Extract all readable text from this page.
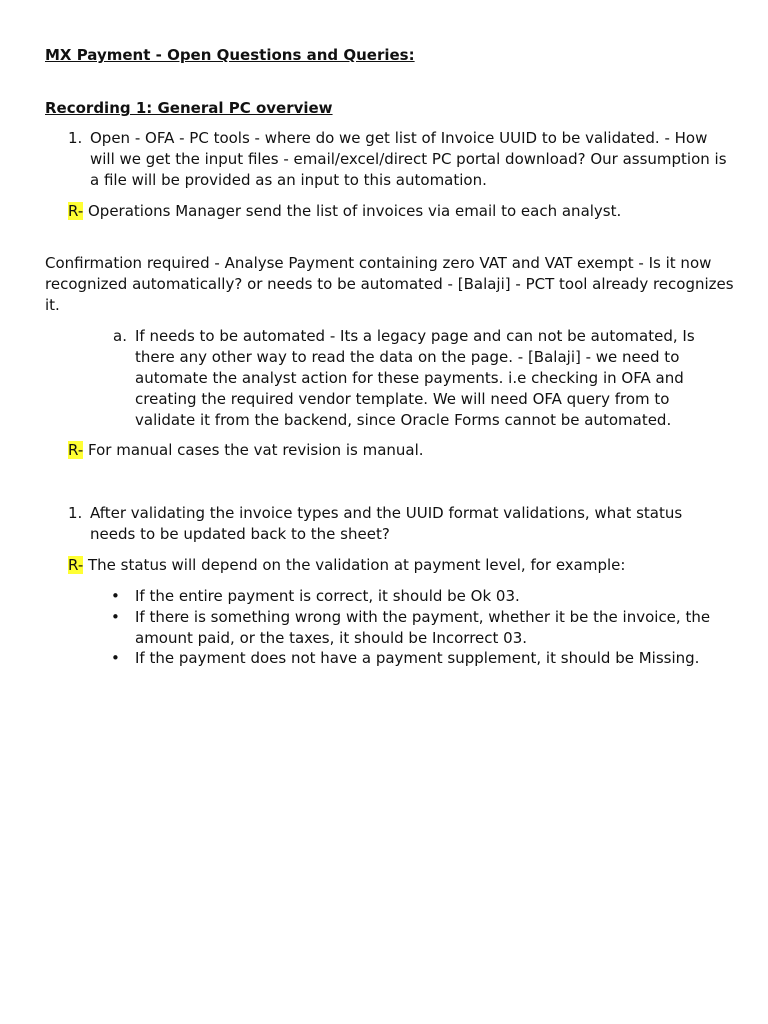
MX Payment - Open Questions and Queries:
Recording 1: General PC overview
1. Open - OFA - PC tools - where do we get list of Invoice UUID to be validated. - How will we get the input files - email/excel/direct PC portal download? Our assumption is a file will be provided as an input to this automation.
R- Operations Manager send the list of invoices via email to each analyst.
Confirmation required - Analyse Payment containing zero VAT and VAT exempt - Is it now recognized automatically? or needs to be automated - [Balaji] - PCT tool already recognizes it.
a. If needs to be automated - Its a legacy page and can not be automated, Is there any other way to read the data on the page. - [Balaji] - we need to automate the analyst action for these payments. i.e checking in OFA and creating the required vendor template. We will need OFA query from to validate it from the backend, since Oracle Forms cannot be automated.
R- For manual cases the vat revision is manual.
1. After validating the invoice types and the UUID format validations, what status needs to be updated back to the sheet?
R- The status will depend on the validation at payment level, for example:
• If the entire payment is correct, it should be Ok 03.
• If there is something wrong with the payment, whether it be the invoice, the amount paid, or the taxes, it should be Incorrect 03.
• If the payment does not have a payment supplement, it should be Missing.
